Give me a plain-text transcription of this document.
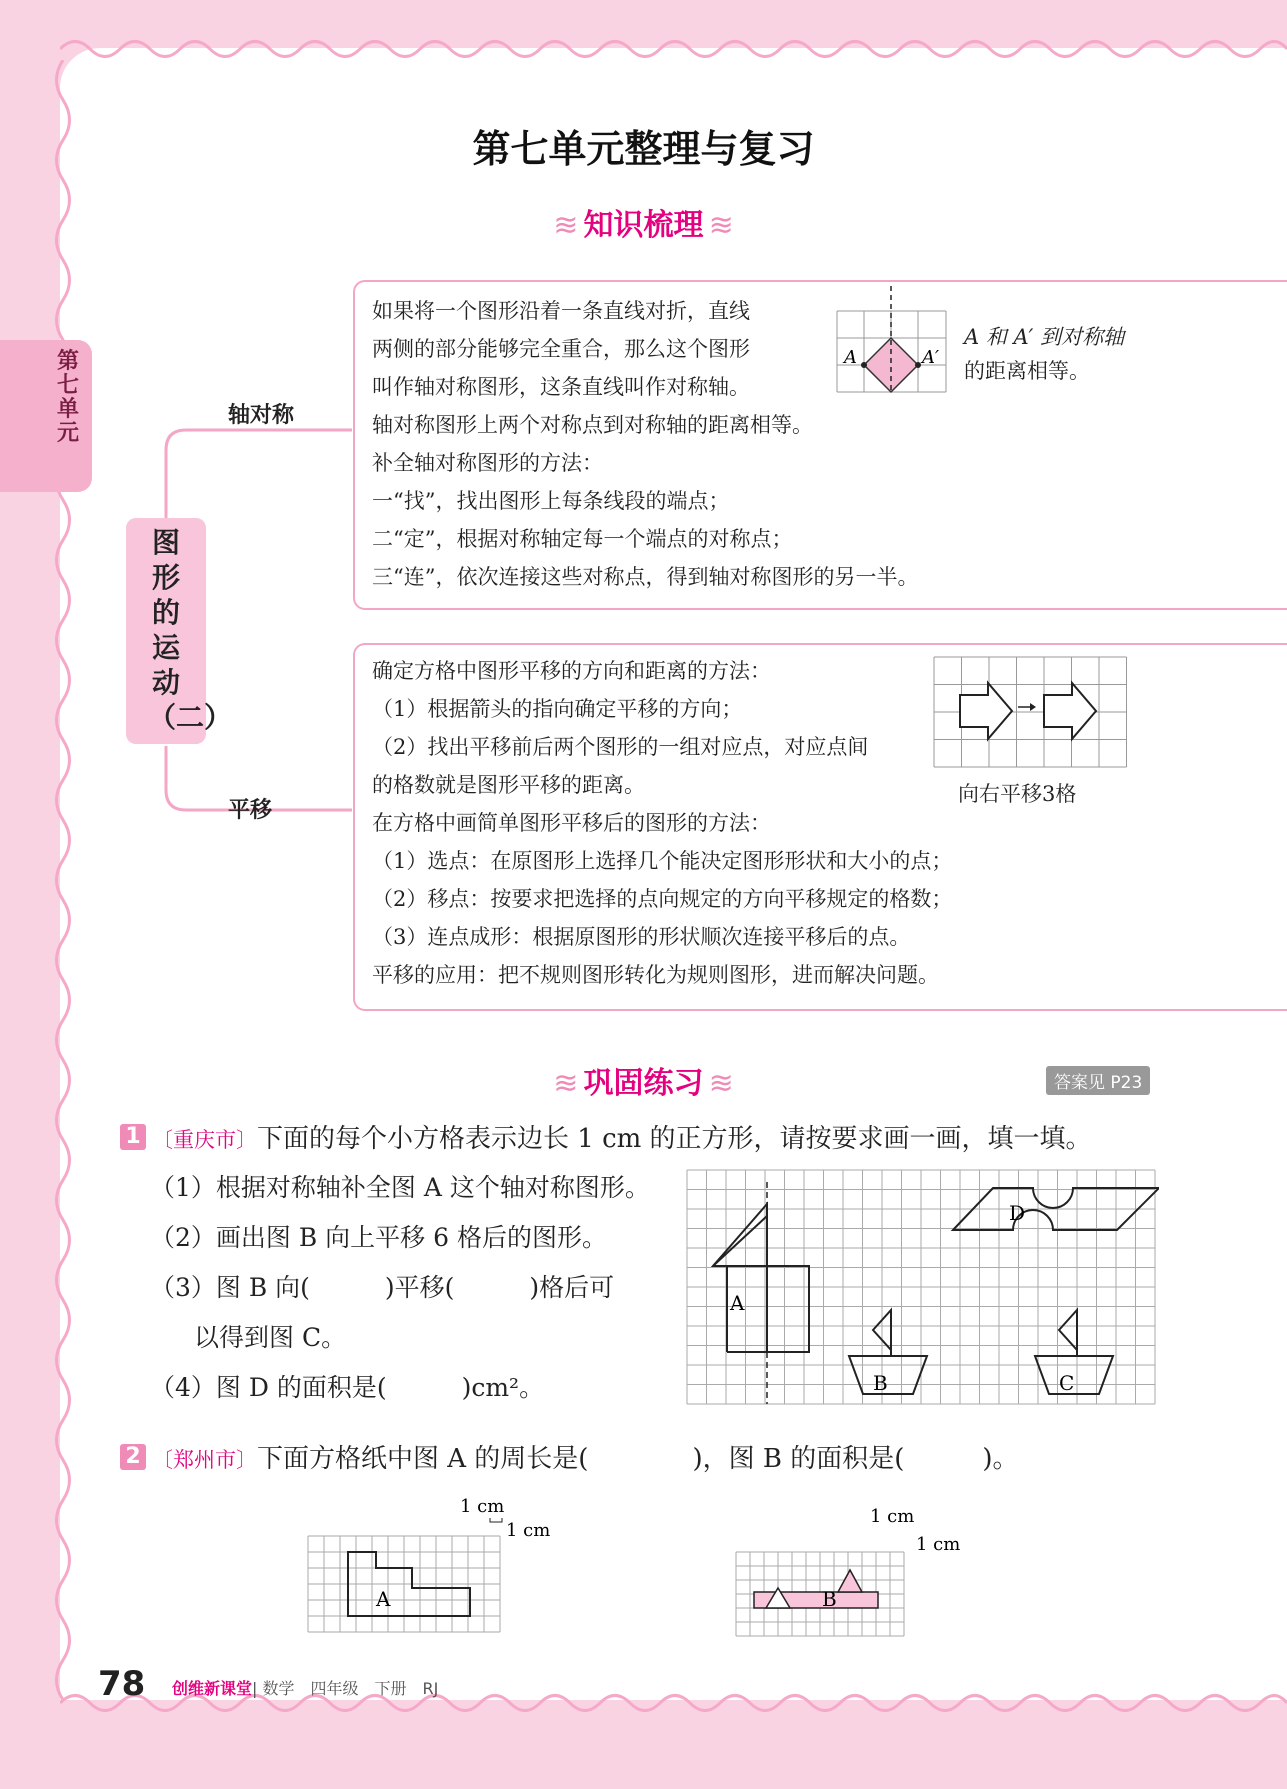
第七单元
第七单元整理与复习
≋ 知识梳理 ≋
图形的运动（二）
轴对称
平移
如果将一个图形沿着一条直线对折，直线
两侧的部分能够完全重合，那么这个图形
叫作轴对称图形，这条直线叫作对称轴。
轴对称图形上两个对称点到对称轴的距离相等。
补全轴对称图形的方法：
一“找”，找出图形上每条线段的端点；
二“定”，根据对称轴定每一个端点的对称点；
三“连”，依次连接这些对称点，得到轴对称图形的另一半。
A	A′
A 和 A′ 到对称轴
的距离相等。
确定方格中图形平移的方向和距离的方法：
（1）根据箭头的指向确定平移的方向；
（2）找出平移前后两个图形的一组对应点，对应点间
的格数就是图形平移的距离。
在方格中画简单图形平移后的图形的方法：
（1）选点：在原图形上选择几个能决定图形形状和大小的点；
（2）移点：按要求把选择的点向规定的方向平移规定的格数；
（3）连点成形：根据原图形的形状顺次连接平移后的点。
平移的应用：把不规则图形转化为规则图形，进而解决问题。
向右平移3格
≋ 巩固练习 ≋	答案见 P23
1 〔重庆市〕下面的每个小方格表示边长 1 cm 的正方形，请按要求画一画，填一填。
（1）根据对称轴补全图 A 这个轴对称图形。
（2）画出图 B 向上平移 6 格后的图形。
（3）图 B 向(　　　)平移(　　　)格后可
以得到图 C。
（4）图 D 的面积是(　　　)cm²。
A
B	C
D
2 〔郑州市〕下面方格纸中图 A 的周长是(　　　　)，图 B 的面积是(　　　)。
A
1 cm
1 cm
B
1 cm
1 cm
78 创维新课堂| 数学　四年级　下册　RJ
